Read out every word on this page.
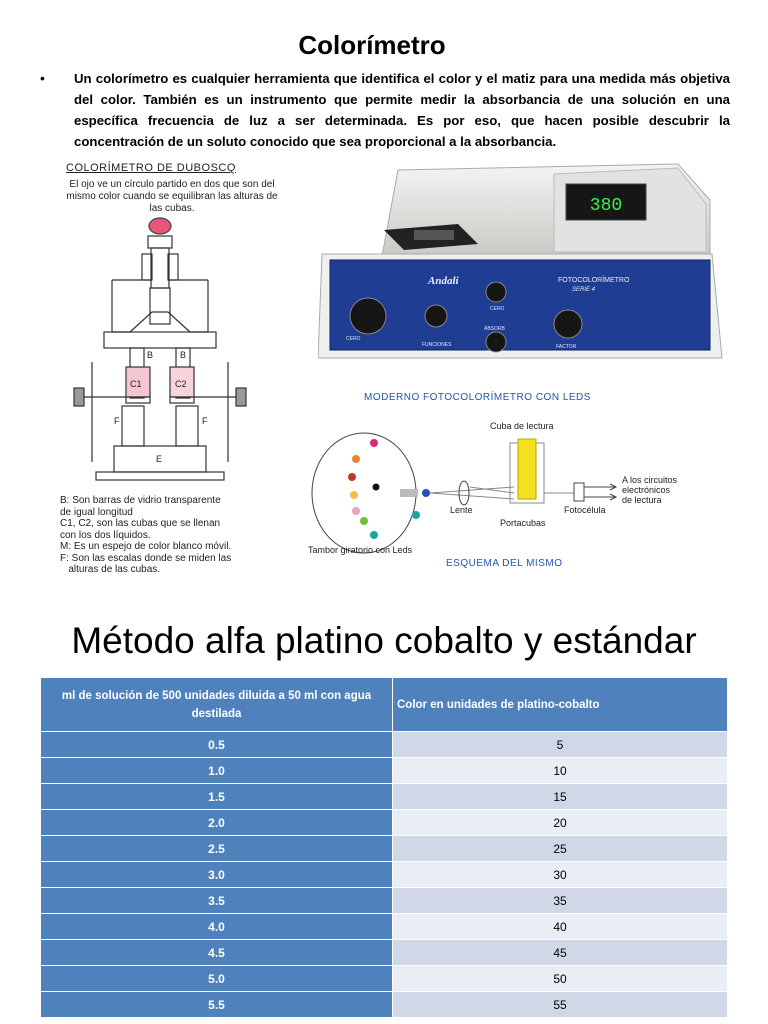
Colorímetro
•	Un colorímetro es cualquier herramienta que identifica el color y el matiz para una medida más objetiva del color. También es un instrumento que permite medir la absorbancia de una solución en una específica frecuencia de luz a ser determinada. Es por eso, que hacen posible descubrir la concentración de un soluto conocido que sea proporcional a la absorbancia.
COLORÍMETRO DE DUBOSCQ
El ojo ve un círculo partido en dos que son del mismo color cuando se equilibran las alturas de las cubas.
B	B
C1	C2
F	F
E
B: Son barras de vidrio transparente
de igual longitud
C1, C2, son las cubas que se llenan
con los dos líquidos.
M: Es un espejo de color blanco móvil.
F: Son las escalas donde se miden las
alturas de las cubas.
380
Andali	FOTOCOLORÍMETRO
SERIE 4
CERO
FUNCIONES
CERO
ABSORB
FACTOR
MODERNO FOTOCOLORÍMETRO CON LEDS
Cuba de lectura
Lente
Portacubas
Fotocélula
A los circuitos
electrónicos
de lectura
Tambor giratorio con Leds
ESQUEMA DEL MISMO
Método alfa platino cobalto y estándar
ml de solución de 500 unidades diluida a 50 ml con agua destilada	Color en unidades de platino-cobalto
0.5	5
1.0	10
1.5	15
2.0	20
2.5	25
3.0	30
3.5	35
4.0	40
4.5	45
5.0	50
5.5	55
